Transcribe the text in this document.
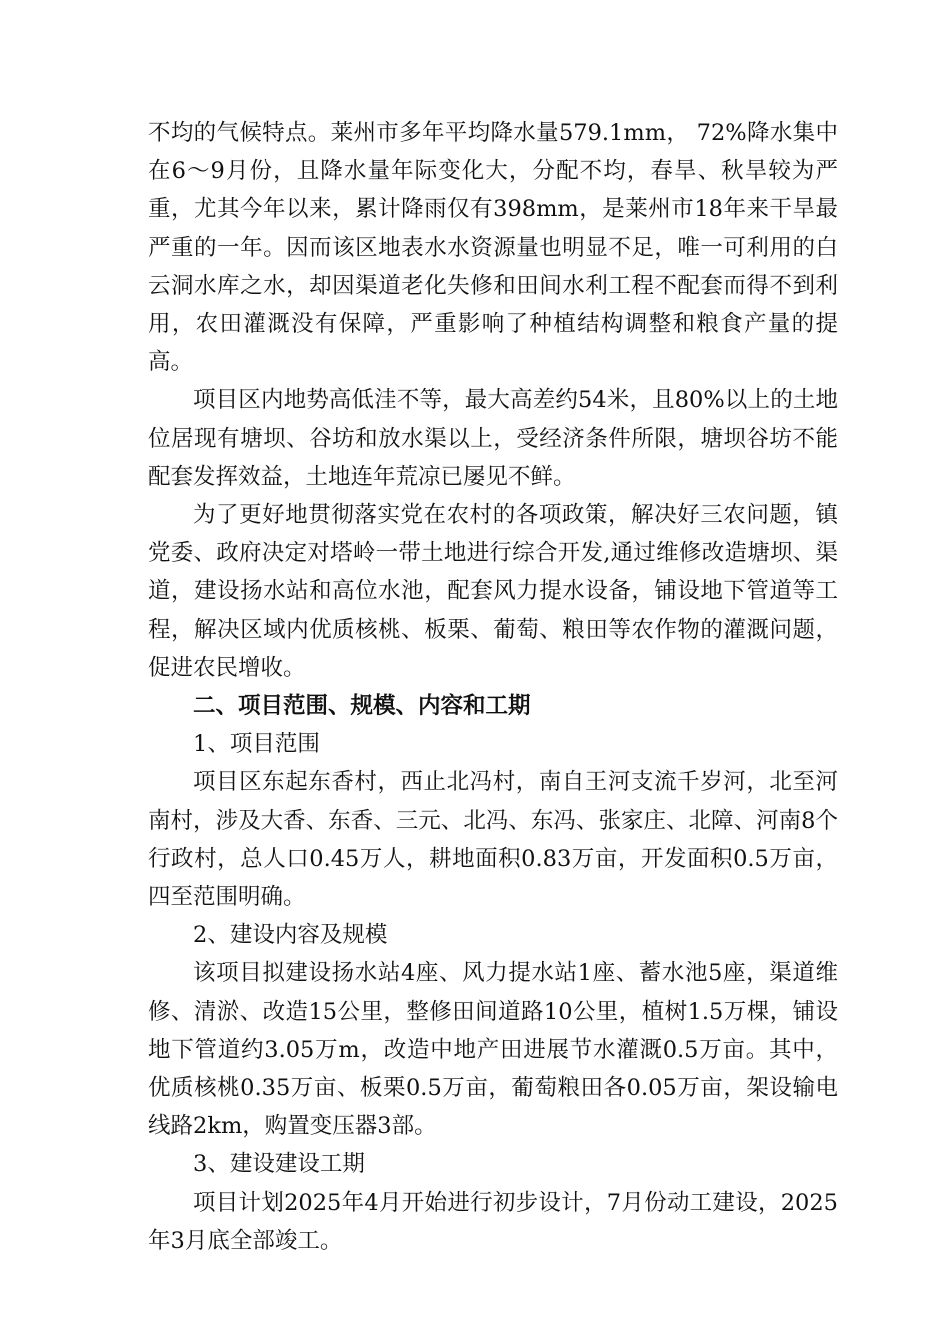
不均的气候特点。莱州市多年平均降水量579.1mm， 72%降水集中在6～9月份，且降水量年际变化大，分配不均，春旱、秋旱较为严重，尤其今年以来，累计降雨仅有398mm，是莱州市18年来干旱最严重的一年。因而该区地表水水资源量也明显不足，唯一可利用的白云洞水库之水，却因渠道老化失修和田间水利工程不配套而得不到利用，农田灌溉没有保障，严重影响了种植结构调整和粮食产量的提高。

项目区内地势高低洼不等，最大高差约54米，且80%以上的土地位居现有塘坝、谷坊和放水渠以上，受经济条件所限，塘坝谷坊不能配套发挥效益，土地连年荒凉已屡见不鲜。

为了更好地贯彻落实党在农村的各项政策，解决好三农问题，镇党委、政府决定对塔岭一带土地进行综合开发,通过维修改造塘坝、渠道，建设扬水站和高位水池，配套风力提水设备，铺设地下管道等工程，解决区域内优质核桃、板栗、葡萄、粮田等农作物的灌溉问题，促进农民增收。

二、项目范围、规模、内容和工期

1、项目范围

项目区东起东香村，西止北冯村，南自王河支流千岁河，北至河南村，涉及大香、东香、三元、北冯、东冯、张家庄、北障、河南8个行政村，总人口0.45万人，耕地面积0.83万亩，开发面积0.5万亩，四至范围明确。

2、建设内容及规模

该项目拟建设扬水站4座、风力提水站1座、蓄水池5座，渠道维修、清淤、改造15公里，整修田间道路10公里，植树1.5万棵，铺设地下管道约3.05万m，改造中地产田进展节水灌溉0.5万亩。其中，优质核桃0.35万亩、板栗0.5万亩，葡萄粮田各0.05万亩，架设输电线路2km，购置变压器3部。

3、建设建设工期

项目计划2025年4月开始进行初步设计，7月份动工建设，2025年3月底全部竣工。
